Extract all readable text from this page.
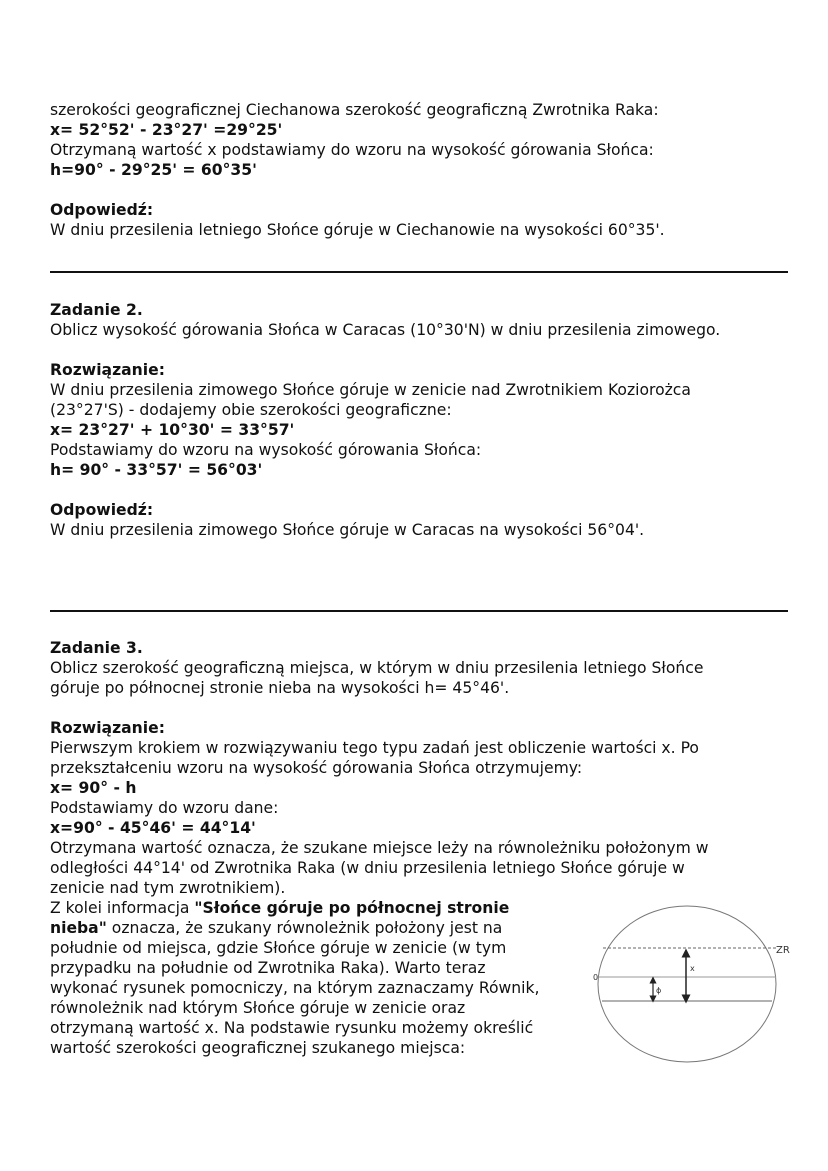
szerokości geograficznej Ciechanowa szerokość geograficzną Zwrotnika Raka:
x= 52°52' - 23°27' =29°25'
Otrzymaną wartość x podstawiamy do wzoru na wysokość górowania Słońca:
h=90° - 29°25' = 60°35'
Odpowiedź:
W dniu przesilenia letniego Słońce góruje w Ciechanowie na wysokości 60°35'.
Zadanie 2.
Oblicz wysokość górowania Słońca w Caracas (10°30'N) w dniu przesilenia zimowego.
Rozwiązanie:
W dniu przesilenia zimowego Słońce góruje w zenicie nad Zwrotnikiem Koziorożca
(23°27'S) - dodajemy obie szerokości geograficzne:
x= 23°27' + 10°30' = 33°57'
Podstawiamy do wzoru na wysokość górowania Słońca:
h= 90° - 33°57' = 56°03'
Odpowiedź:
W dniu przesilenia zimowego Słońce góruje w Caracas na wysokości 56°04'.
Zadanie 3.
Oblicz szerokość geograficzną miejsca, w którym w dniu przesilenia letniego Słońce
góruje po północnej stronie nieba na wysokości h= 45°46'.
Rozwiązanie:
Pierwszym krokiem w rozwiązywaniu tego typu zadań jest obliczenie wartości x. Po
przekształceniu wzoru na wysokość górowania Słońca otrzymujemy:
x= 90° - h
Podstawiamy do wzoru dane:
x=90° - 45°46' = 44°14'
Otrzymana wartość oznacza, że szukane miejsce leży na równoleżniku położonym w
odległości 44°14' od Zwrotnika Raka (w dniu przesilenia letniego Słońce góruje w
zenicie nad tym zwrotnikiem).
Z kolei informacja "Słońce góruje po północnej stronie
nieba" oznacza, że szukany równoleżnik położony jest na
południe od miejsca, gdzie Słońce góruje w zenicie (w tym
przypadku na południe od Zwrotnika Raka). Warto teraz
wykonać rysunek pomocniczy, na którym zaznaczamy Równik,
równoleżnik nad którym Słońce góruje w zenicie oraz
otrzymaną wartość x. Na podstawie rysunku możemy określić
wartość szerokości geograficznej szukanego miejsca:
ZR
0
x
ϕ
